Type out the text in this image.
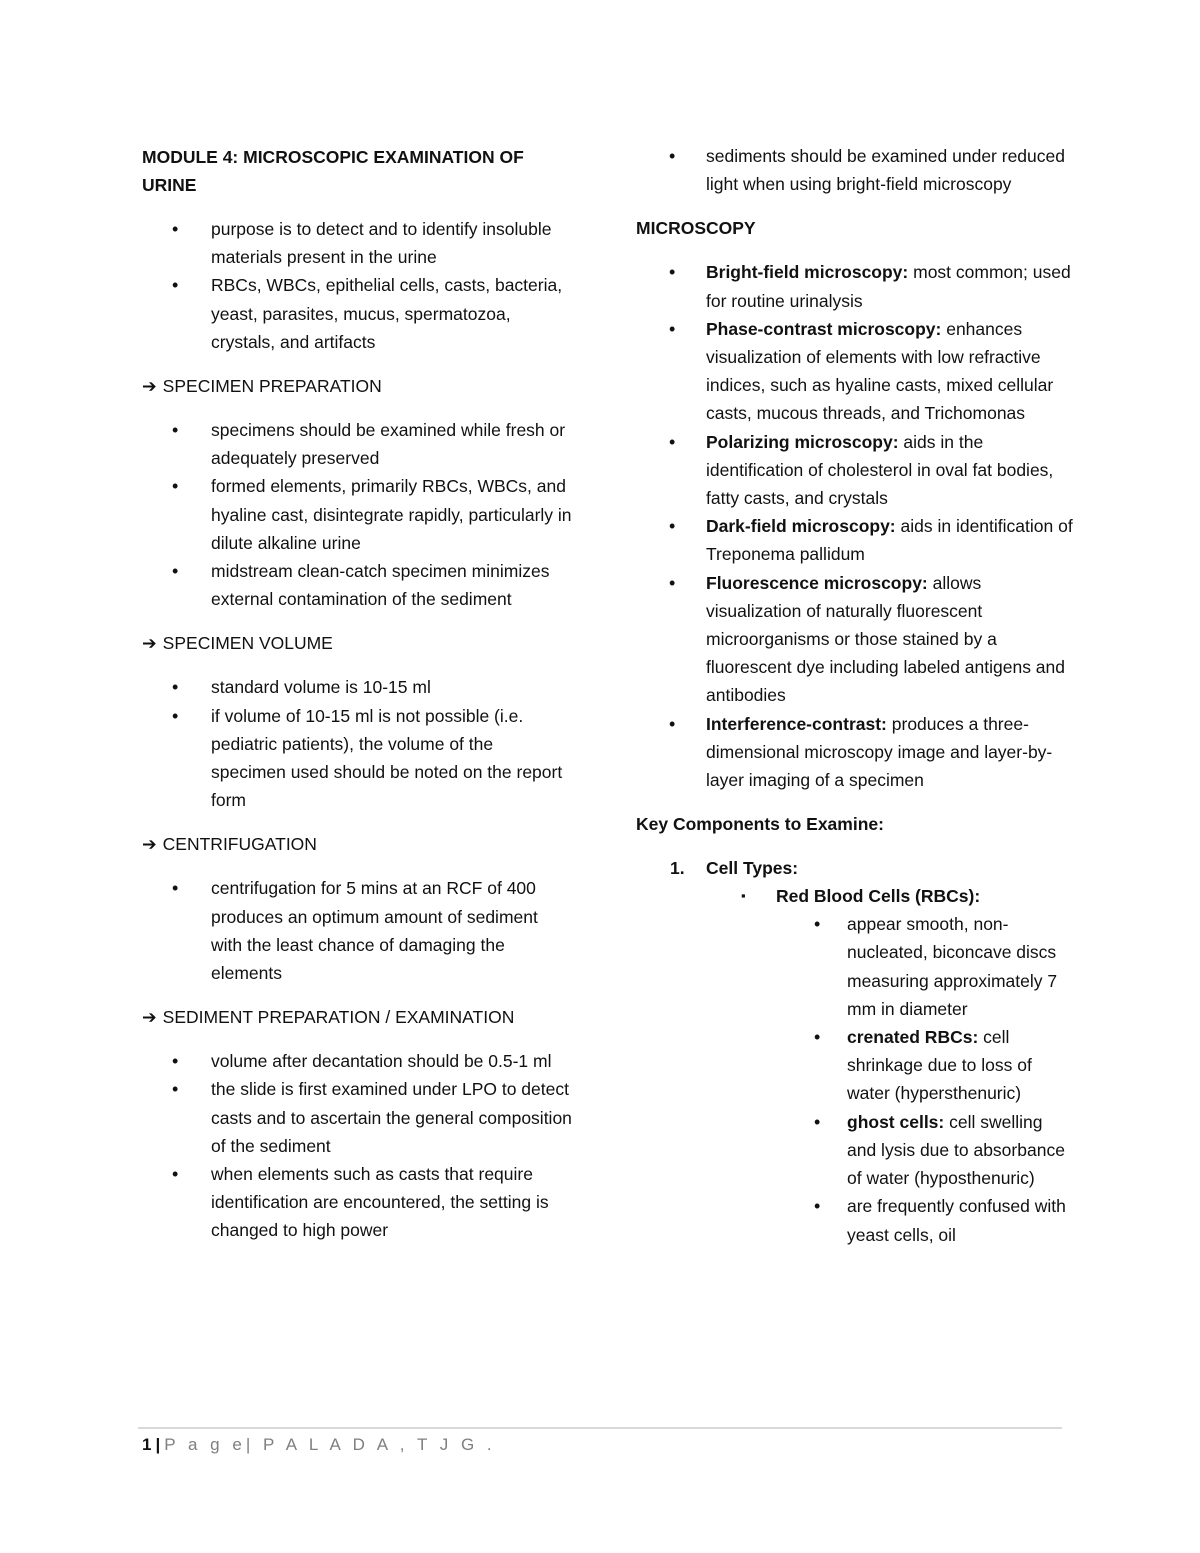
MODULE 4: MICROSCOPIC EXAMINATION OF URINE

• purpose is to detect and to identify insoluble materials present in the urine
• RBCs, WBCs, epithelial cells, casts, bacteria, yeast, parasites, mucus, spermatozoa, crystals, and artifacts

➔ SPECIMEN PREPARATION

• specimens should be examined while fresh or adequately preserved
• formed elements, primarily RBCs, WBCs, and hyaline cast, disintegrate rapidly, particularly in dilute alkaline urine
• midstream clean-catch specimen minimizes external contamination of the sediment

➔ SPECIMEN VOLUME

• standard volume is 10-15 ml
• if volume of 10-15 ml is not possible (i.e. pediatric patients), the volume of the specimen used should be noted on the report form

➔ CENTRIFUGATION

• centrifugation for 5 mins at an RCF of 400 produces an optimum amount of sediment with the least chance of damaging the elements

➔ SEDIMENT PREPARATION / EXAMINATION

• volume after decantation should be 0.5-1 ml
• the slide is first examined under LPO to detect casts and to ascertain the general composition of the sediment
• when elements such as casts that require identification are encountered, the setting is changed to high power
• sediments should be examined under reduced light when using bright-field microscopy

MICROSCOPY

• Bright-field microscopy: most common; used for routine urinalysis
• Phase-contrast microscopy: enhances visualization of elements with low refractive indices, such as hyaline casts, mixed cellular casts, mucous threads, and Trichomonas
• Polarizing microscopy: aids in the identification of cholesterol in oval fat bodies, fatty casts, and crystals
• Dark-field microscopy: aids in identification of Treponema pallidum
• Fluorescence microscopy: allows visualization of naturally fluorescent microorganisms or those stained by a fluorescent dye including labeled antigens and antibodies
• Interference-contrast: produces a three-dimensional microscopy image and layer-by-layer imaging of a specimen

Key Components to Examine:

1. Cell Types:
▪ Red Blood Cells (RBCs):
• appear smooth, non-nucleated, biconcave discs measuring approximately 7 mm in diameter
• crenated RBCs: cell shrinkage due to loss of water (hypersthenuric)
• ghost cells: cell swelling and lysis due to absorbance of water (hyposthenuric)
• are frequently confused with yeast cells, oil
1 | P a g e| P A L A D A , T J G .
